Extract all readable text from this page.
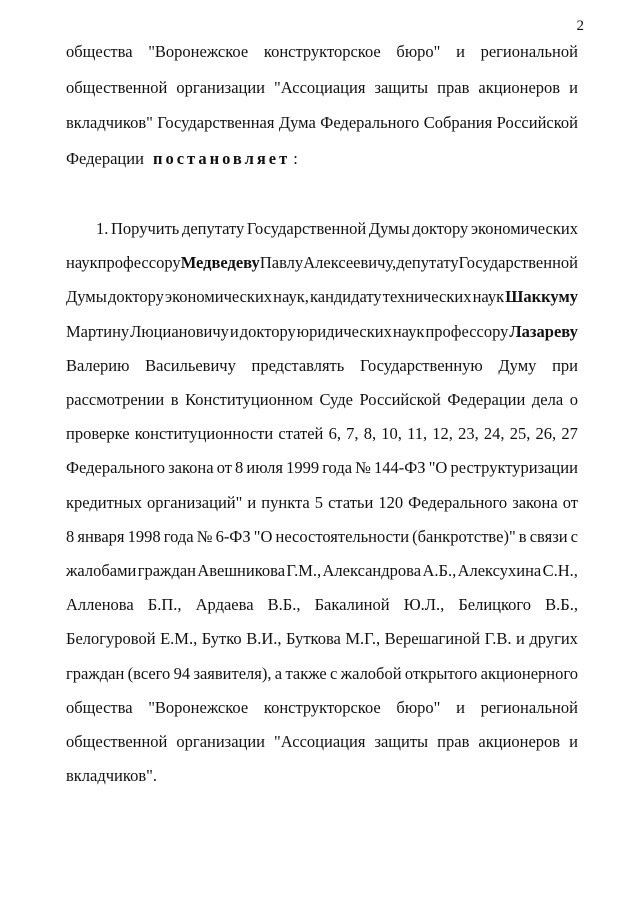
2
общества "Воронежское конструкторское бюро" и региональной
общественной организации "Ассоциация защиты прав акционеров и
вкладчиков" Государственная Дума Федерального Собрания Российской
Федерации постановляет :
1. Поручить депутату Государственной Думы доктору экономических
наук профессору Медведеву Павлу Алексеевичу, депутату Государственной
Думы доктору экономических наук, кандидату технических наук Шаккуму
Мартину Люциановичу и доктору юридических наук профессору Лазареву
Валерию Васильевичу представлять Государственную Думу при
рассмотрении в Конституционном Суде Российской Федерации дела о
проверке конституционности статей 6, 7, 8, 10, 11, 12, 23, 24, 25, 26, 27
Федерального закона от 8 июля 1999 года № 144-ФЗ "О реструктуризации
кредитных организаций" и пункта 5 статьи 120 Федерального закона от
8 января 1998 года № 6-ФЗ "О несостоятельности (банкротстве)" в связи с
жалобами граждан Авешникова Г.М., Александрова А.Б., Алексухина С.Н.,
Алленова Б.П., Ардаева В.Б., Бакалиной Ю.Л., Белицкого В.Б.,
Белогуровой Е.М., Бутко В.И., Буткова М.Г., Верешагиной Г.В. и других
граждан (всего 94 заявителя), а также с жалобой открытого акционерного
общества "Воронежское конструкторское бюро" и региональной
общественной организации "Ассоциация защиты прав акционеров и
вкладчиков".
